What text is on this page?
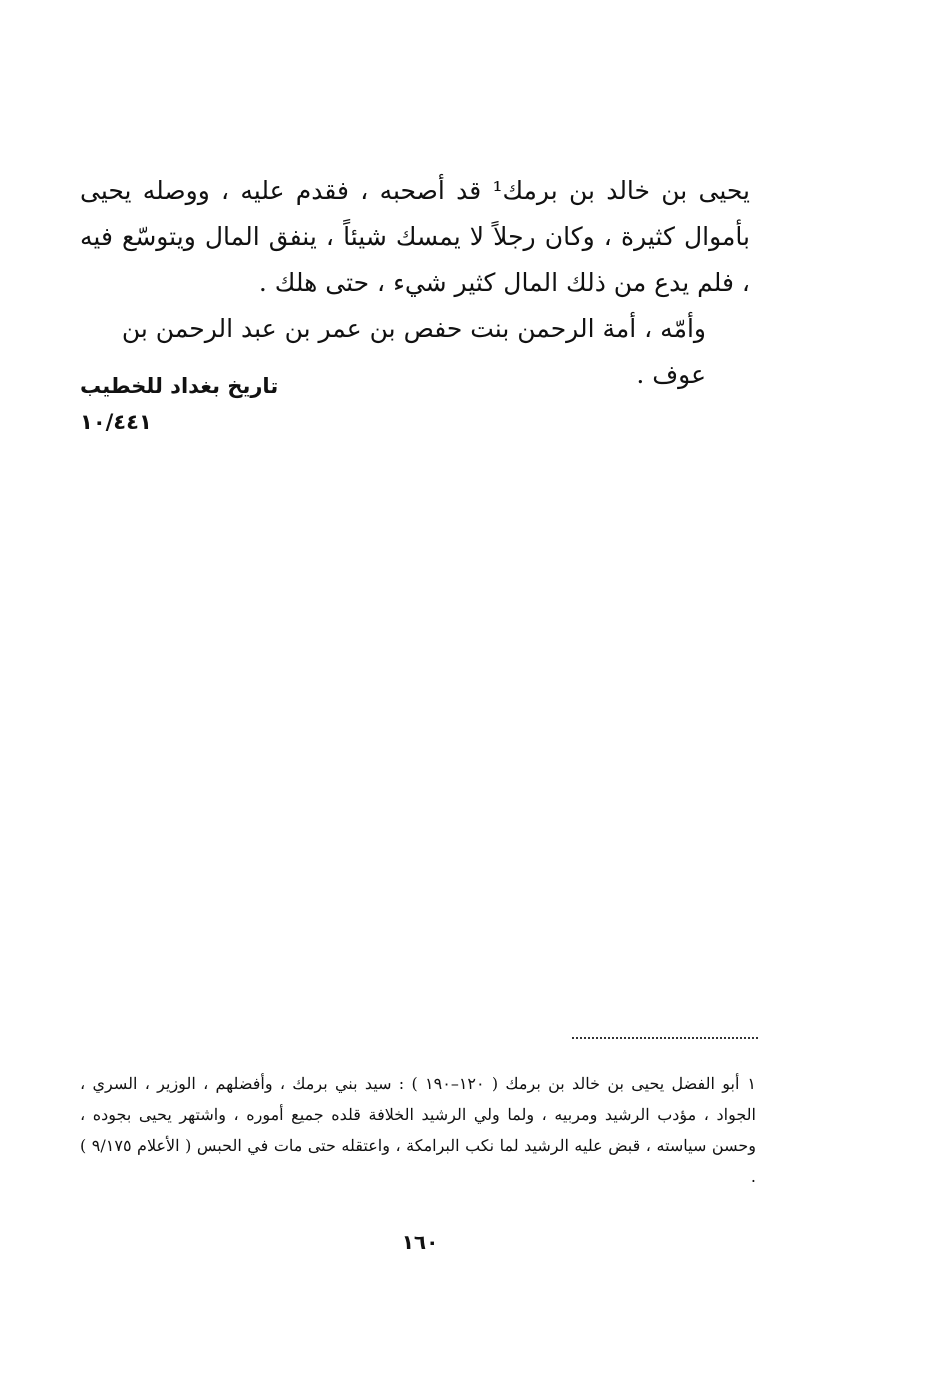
يحيى بن خالد بن برمك¹ قد أصحبه ، فقدم عليه ، ووصله يحيى بأموال كثيرة ، وكان رجلاً لا يمسك شيئاً ، ينفق المال ويتوسّع فيه ، فلم يدع من ذلك المال كثير شيء ، حتى هلك .

وأمّه ، أمة الرحمن بنت حفص بن عمر بن عبد الرحمن بن عوف .

تاريخ بغداد للخطيب ١٠/٤٤١

١أبو الفضل يحيى بن خالد بن برمك ( ١٢٠–١٩٠ ) : سيد بني برمك ، وأفضلهم ، الوزير ، السري ، الجواد ، مؤدب الرشيد ومربيه ، ولما ولي الرشيد الخلافة قلده جميع أموره ، واشتهر يحيى بجوده ، وحسن سياسته ، قبض عليه الرشيد لما نكب البرامكة ، واعتقله حتى مات في الحبس ( الأعلام ٩/١٧٥ ) .

١٦٠
